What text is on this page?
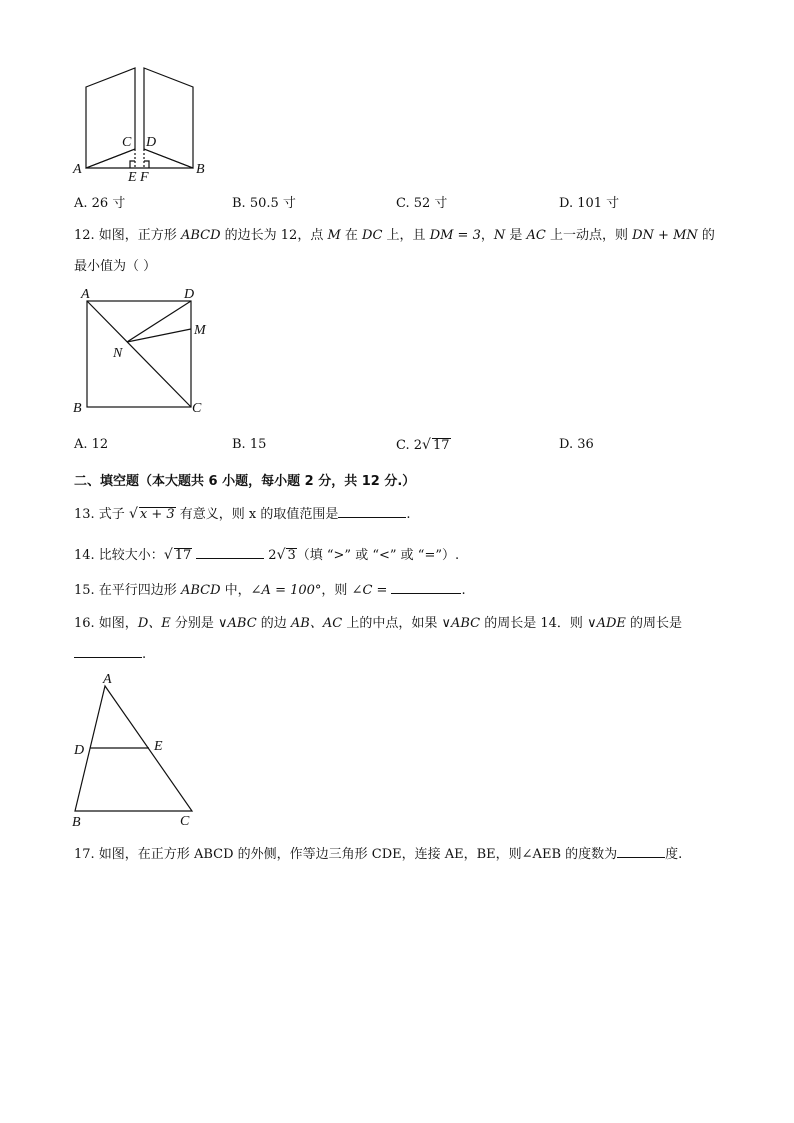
C D
A	B
E F
A. 26 寸	B. 50.5 寸	C. 52 寸	D. 101 寸
12. 如图，正方形 ABCD 的边长为 12，点 M 在 DC 上，且 DM = 3，N 是 AC 上一动点，则 DN + MN 的
最小值为（ ）
A	D
M
N
B	C
A. 12	B. 15	C. 2√ 17	D. 36
二、填空题（本大题共 6 小题，每小题 2 分，共 12 分.）
13. 式子 √ x + 3 有意义，则 x 的取值范围是	.
14. 比较大小：√ 17	2√ 3（填 “>” 或 “<” 或 “=”）.
15. 在平行四边形 ABCD 中，∠A = 100°，则 ∠C =	.
16. 如图，D、E 分别是 ∨ABC 的边 AB、AC 上的中点，如果 ∨ABC 的周长是 14．则 ∨ADE 的周长是
.
A
D	E
B	C
17. 如图，在正方形 ABCD 的外侧，作等边三角形 CDE，连接 AE，BE，则∠AEB 的度数为	度.
